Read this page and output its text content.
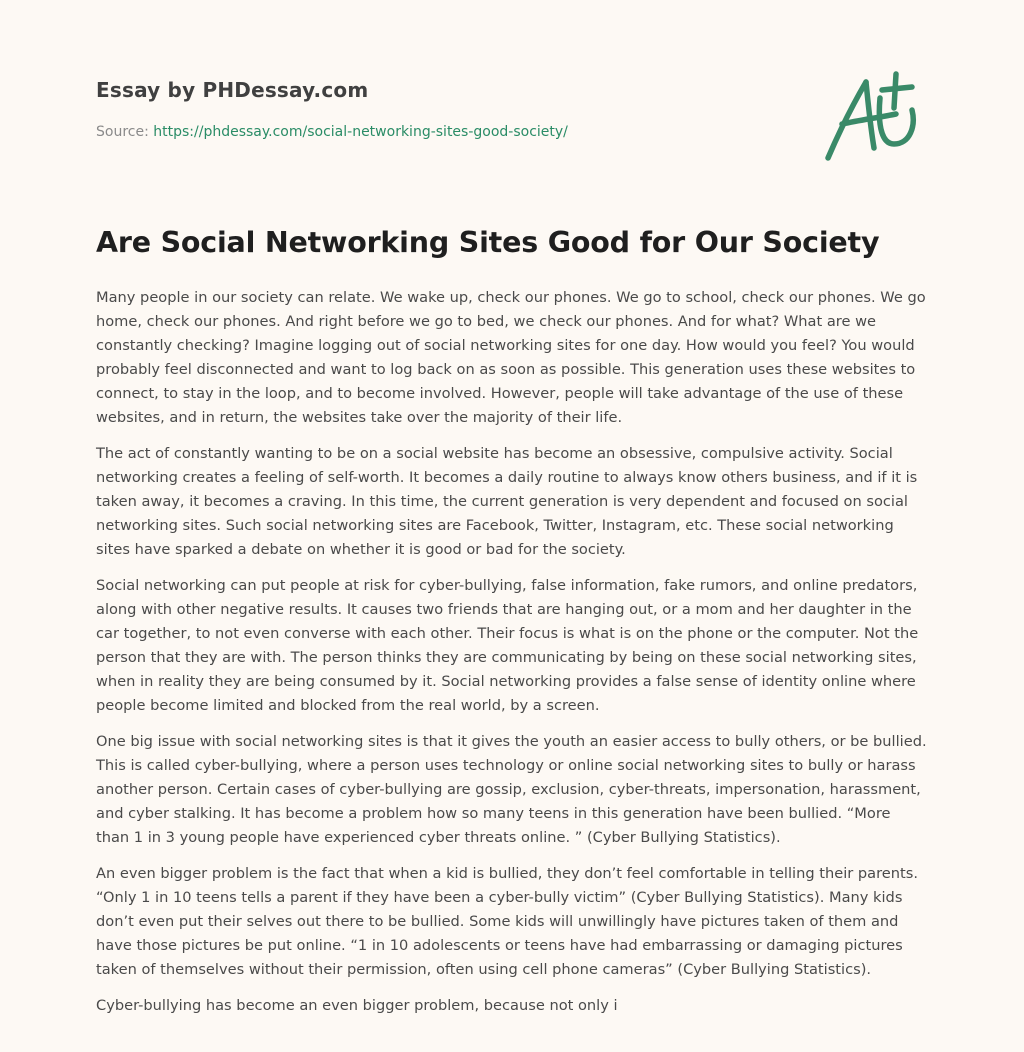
Essay by PHDessay.com
Source: https://phdessay.com/social-networking-sites-good-society/
Are Social Networking Sites Good for Our Society

Many people in our society can relate. We wake up, check our phones. We go to school, check our phones. We go home, check our phones. And right before we go to bed, we check our phones. And for what? What are we constantly checking? Imagine logging out of social networking sites for one day. How would you feel? You would probably feel disconnected and want to log back on as soon as possible. This generation uses these websites to connect, to stay in the loop, and to become involved. However, people will take advantage of the use of these websites, and in return, the websites take over the majority of their life.

The act of constantly wanting to be on a social website has become an obsessive, compulsive activity. Social networking creates a feeling of self-worth. It becomes a daily routine to always know others business, and if it is taken away, it becomes a craving. In this time, the current generation is very dependent and focused on social networking sites. Such social networking sites are Facebook, Twitter, Instagram, etc. These social networking sites have sparked a debate on whether it is good or bad for the society.

Social networking can put people at risk for cyber-bullying, false information, fake rumors, and online predators, along with other negative results. It causes two friends that are hanging out, or a mom and her daughter in the car together, to not even converse with each other. Their focus is what is on the phone or the computer. Not the person that they are with. The person thinks they are communicating by being on these social networking sites, when in reality they are being consumed by it. Social networking provides a false sense of identity online where people become limited and blocked from the real world, by a screen.

One big issue with social networking sites is that it gives the youth an easier access to bully others, or be bullied. This is called cyber-bullying, where a person uses technology or online social networking sites to bully or harass another person. Certain cases of cyber-bullying are gossip, exclusion, cyber-threats, impersonation, harassment, and cyber stalking. It has become a problem how so many teens in this generation have been bullied. “More than 1 in 3 young people have experienced cyber threats online. ” (Cyber Bullying Statistics).

An even bigger problem is the fact that when a kid is bullied, they don’t feel comfortable in telling their parents. “Only 1 in 10 teens tells a parent if they have been a cyber-bully victim” (Cyber Bullying Statistics). Many kids don’t even put their selves out there to be bullied. Some kids will unwillingly have pictures taken of them and have those pictures be put online. “1 in 10 adolescents or teens have had embarrassing or damaging pictures taken of themselves without their permission, often using cell phone cameras” (Cyber Bullying Statistics).

Cyber-bullying has become an even bigger problem, because not only i
